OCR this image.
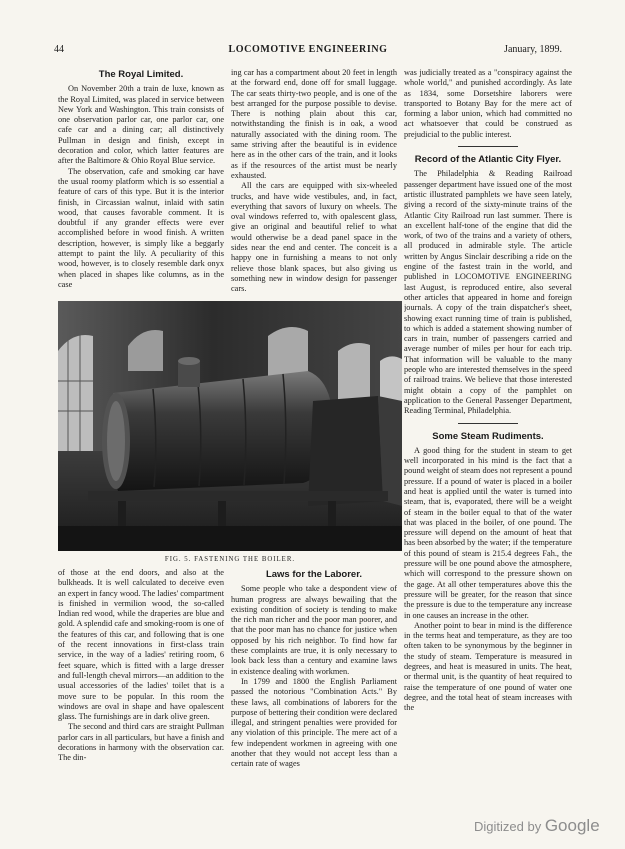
44	LOCOMOTIVE ENGINEERING	January, 1899.
The Royal Limited.

On November 20th a train de luxe, known as the Royal Limited, was placed in service between New York and Washington. This train consists of one observation parlor car, one parlor car, one cafe car and a dining car; all distinctively Pullman in design and finish, except in decoration and color, which latter features are after the Baltimore & Ohio Royal Blue service.

The observation, cafe and smoking car have the usual roomy platform which is so essential a feature of cars of this type. But it is the interior finish, in Circassian walnut, inlaid with satin wood, that causes favorable comment. It is doubtful if any grander effects were ever accomplished before in wood finish. A written description, however, is simply like a beggarly attempt to paint the lily. A peculiarity of this wood, however, is to closely resemble dark onyx when placed in shapes like columns, as in the case

ing car has a compartment about 20 feet in length at the forward end, done off for small luggage. The car seats thirty-two people, and is one of the best arranged for the purpose possible to devise. There is nothing plain about this car, notwithstanding the finish is in oak, a wood naturally associated with the dining room. The same striving after the beautiful is in evidence here as in the other cars of the train, and it looks as if the resources of the artist must be nearly exhausted.

All the cars are equipped with six-wheeled trucks, and have wide vestibules, and, in fact, everything that savors of luxury on wheels. The oval windows referred to, with opalescent glass, give an original and beautiful relief to what would otherwise be a dead panel space in the sides near the end and center. The conceit is a happy one in furnishing a means to not only relieve those blank spaces, but also giving us something new in window design for passenger cars.

FIG. 5. FASTENING THE BOILER.

of those at the end doors, and also at the bulkheads. It is well calculated to deceive even an expert in fancy wood. The ladies' compartment is finished in vermilion wood, the so-called Indian red wood, while the draperies are blue and gold. A splendid cafe and smoking-room is one of the features of this car, and following that is one of the recent innovations in first-class train service, in the way of a ladies' retiring room, 6 feet square, which is fitted with a large dresser and full-length cheval mirrors—an addition to the usual accessories of the ladies' toilet that is a move sure to be popular. In this room the windows are oval in shape and have opalescent glass. The furnishings are in dark olive green.

The second and third cars are straight Pullman parlor cars in all particulars, but have a finish and decorations in harmony with the observation car. The din-

Laws for the Laborer.

Some people who take a despondent view of human progress are always bewailing that the existing condition of society is tending to make the rich man richer and the poor man poorer, and that the poor man has no chance for justice when opposed by his rich neighbor. To find how far these complaints are true, it is only necessary to look back less than a century and examine laws in existence dealing with workmen.

In 1799 and 1800 the English Parliament passed the notorious "Combination Acts." By these laws, all combinations of laborers for the purpose of bettering their condition were declared illegal, and stringent penalties were provided for any violation of this principle. The mere act of a few independent workmen in agreeing with one another that they would not accept less than a certain rate of wages

was judicially treated as a "conspiracy against the whole world," and punished accordingly. As late as 1834, some Dorsetshire laborers were transported to Botany Bay for the mere act of forming a labor union, which had committed no act whatsoever that could be construed as prejudicial to the public interest.

Record of the Atlantic City Flyer.

The Philadelphia & Reading Railroad passenger department have issued one of the most artistic illustrated pamphlets we have seen lately, giving a record of the sixty-minute trains of the Atlantic City Railroad run last summer. There is an excellent half-tone of the engine that did the work, of two of the trains and a variety of others, all produced in admirable style. The article written by Angus Sinclair describing a ride on the engine of the fastest train in the world, and published in LOCOMOTIVE ENGINEERING last August, is reproduced entire, also several other articles that appeared in home and foreign journals. A copy of the train dispatcher's sheet, showing exact running time of train is published, to which is added a statement showing number of cars in train, number of passengers carried and average number of miles per hour for each trip. That information will be valuable to the many people who are interested themselves in the speed of railroad trains. We believe that those interested might obtain a copy of the pamphlet on application to the General Passenger Department, Reading Terminal, Philadelphia.

Some Steam Rudiments.

A good thing for the student in steam to get well incorporated in his mind is the fact that a pound weight of steam does not represent a pound pressure. If a pound of water is placed in a boiler and heat is applied until the water is turned into steam, that is, evaporated, there will be a weight of steam in the boiler equal to that of the water that was placed in the boiler, of one pound. The pressure will depend on the amount of heat that has been absorbed by the water; if the temperature of this pound of steam is 215.4 degrees Fah., the pressure will be one pound above the atmosphere, which will correspond to the pressure shown on the gage. At all other temperatures above this the pressure will be greater, for the reason that since the pressure is due to the temperature any increase in one causes an increase in the other.

Another point to bear in mind is the difference in the terms heat and temperature, as they are too often taken to be synonymous by the beginner in the study of steam. Temperature is measured in degrees, and heat is measured in units. The heat, or thermal unit, is the quantity of heat required to raise the temperature of one pound of water one degree, and the total heat of steam increases with the

Digitized by Google
